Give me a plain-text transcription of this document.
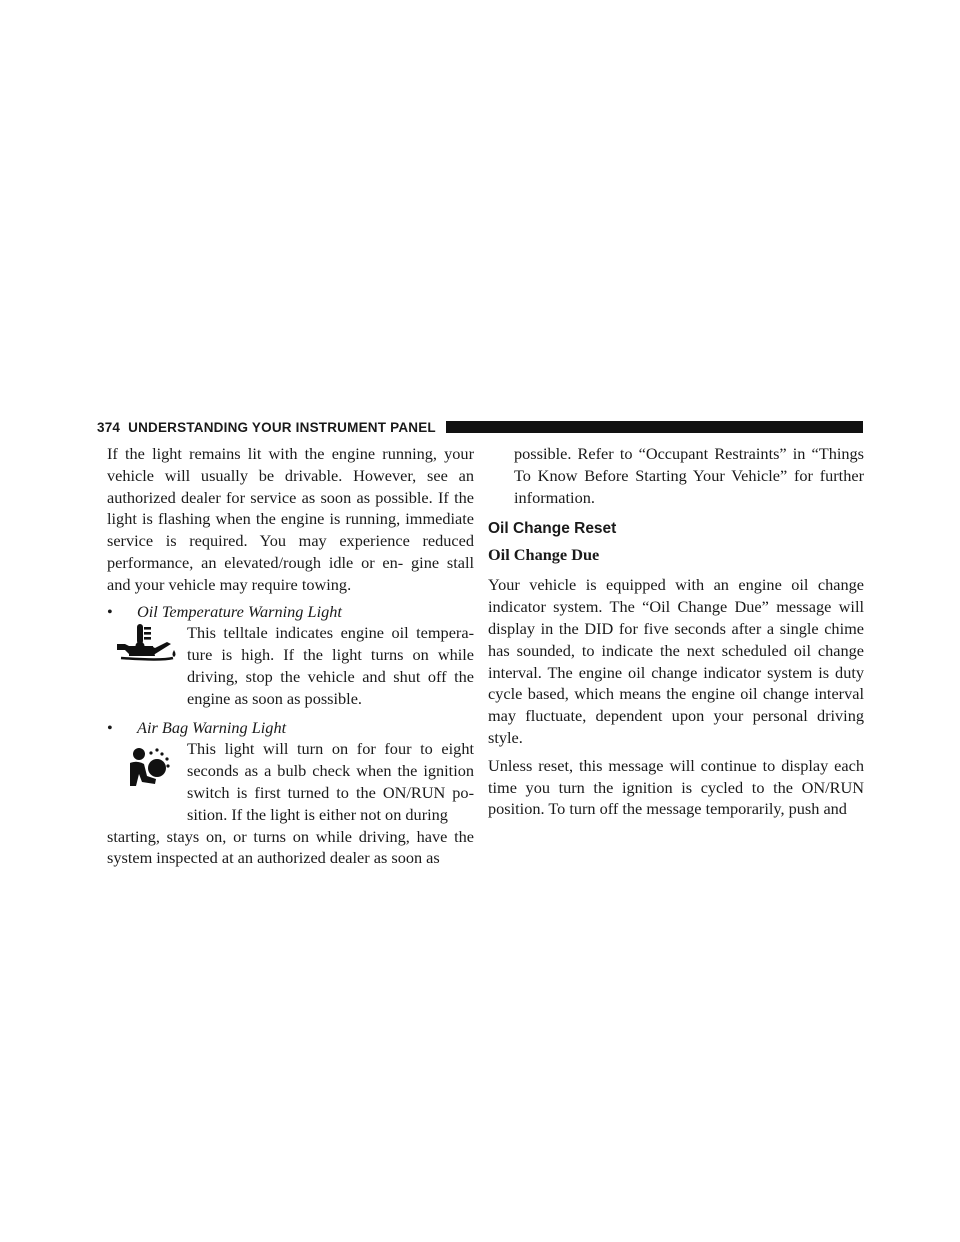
374 UNDERSTANDING YOUR INSTRUMENT PANEL

If the light remains lit with the engine running, your vehicle will usually be drivable. However, see an authorized dealer for service as soon as possible. If the light is flashing when the engine is running, immediate service is required. You may experience reduced performance, an elevated/rough idle or en- gine stall and your vehicle may require towing.

•	Oil Temperature Warning Light
This telltale indicates engine oil tempera- ture is high. If the light turns on while driving, stop the vehicle and shut off the engine as soon as possible.
•	Air Bag Warning Light
This light will turn on for four to eight seconds as a bulb check when the ignition switch is first turned to the ON/RUN po- sition. If the light is either not on during

starting, stays on, or turns on while driving, have the system inspected at an authorized dealer as soon as

possible. Refer to “Occupant Restraints” in “Things To Know Before Starting Your Vehicle” for further information.

Oil Change Reset
Oil Change Due

Your vehicle is equipped with an engine oil change indicator system. The “Oil Change Due” message will display in the DID for five seconds after a single chime has sounded, to indicate the next scheduled oil change interval. The engine oil change indicator system is duty cycle based, which means the engine oil change interval may fluctuate, dependent upon your personal driving style.

Unless reset, this message will continue to display each time you turn the ignition is cycled to the ON/RUN position. To turn off the message temporarily, push and
